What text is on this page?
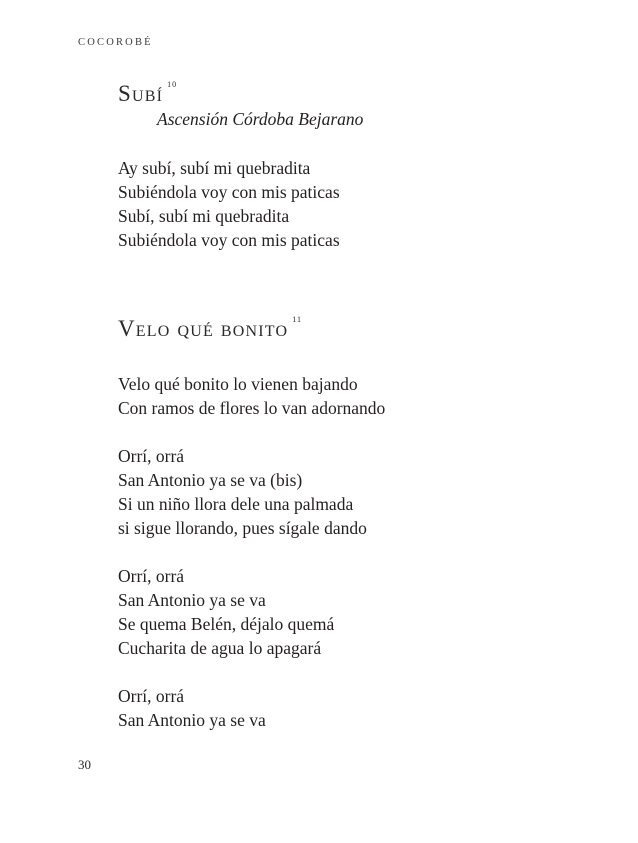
COCOROBÉ

Subí $^{10}$

Ascensión Córdoba Bejarano

Ay subí, subí mi quebradita
Subiéndola voy con mis paticas
Subí, subí mi quebradita
Subiéndola voy con mis paticas
Velo qué bonito $^{11}$
Velo qué bonito lo vienen bajando
Con ramos de flores lo van adornando
Orrí, orrá
San Antonio ya se va (bis)
Si un niño llora dele una palmada
si sigue llorando, pues sígale dando
Orrí, orrá
San Antonio ya se va
Se quema Belén, déjalo quemá
Cucharita de agua lo apagará
Orrí, orrá
San Antonio ya se va

30
